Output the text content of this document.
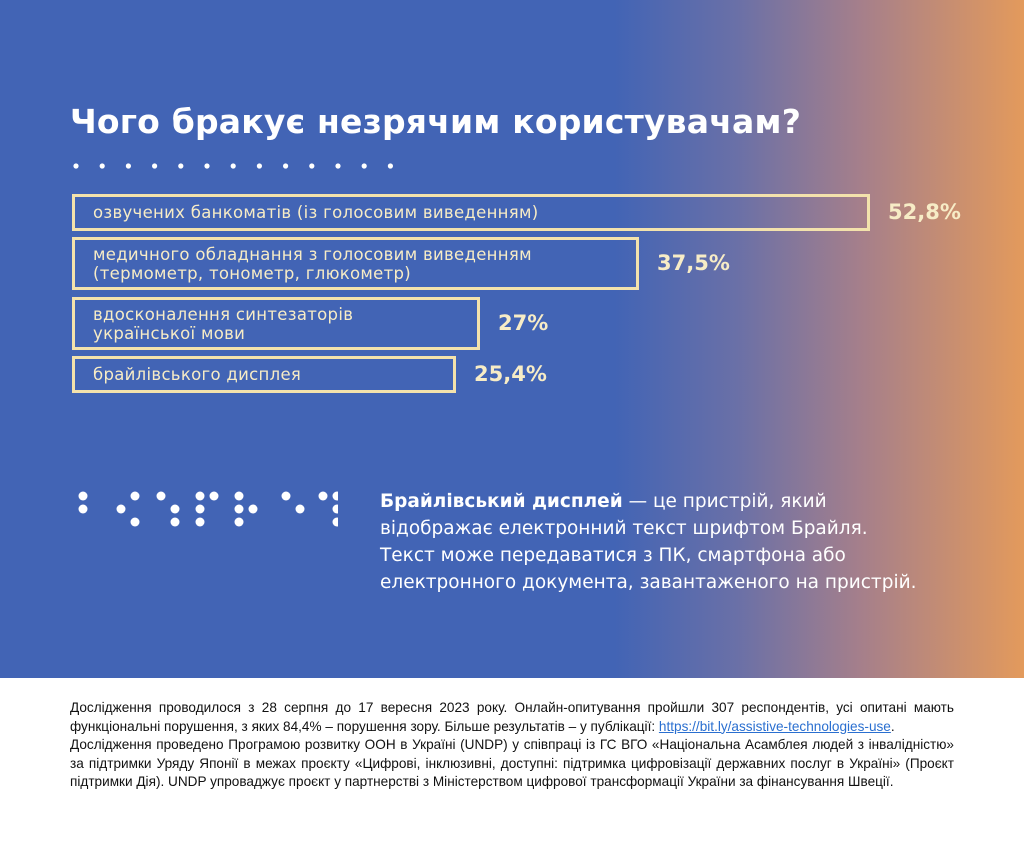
Чого бракує незрячим користувачам?
озвучених банкоматів (із голосовим виведенням)	52,8%
медичного обладнання з голосовим виведенням
(термометр, тонометр, глюкометр)	37,5%
вдосконалення синтезаторів
української мови	27%
брайлівського дисплея	25,4%

Брайлівський дисплей — це пристрій, який відображає електронний текст шрифтом Брайля. Текст може передаватися з ПК, смартфона або електронного документа, завантаженого на пристрій.

Дослідження проводилося з 28 серпня до 17 вересня 2023 року. Онлайн-опитування пройшли 307 респондентів, усі опитані мають функціональні порушення, з яких 84,4% – порушення зору. Більше результатів – у публікації: https://bit.ly/assistive-technologies-use.

Дослідження проведено Програмою розвитку ООН в Україні (UNDP) у співпраці із ГС ВГО «Національна Асамблея людей з інвалідністю» за підтримки Уряду Японії в межах проєкту «Цифрові, інклюзивні, доступні: підтримка цифровізації державних послуг в Україні» (Проєкт підтримки Дія). UNDP упроваджує проєкт у партнерстві з Міністерством цифрової трансформації України за фінансування Швеції.
